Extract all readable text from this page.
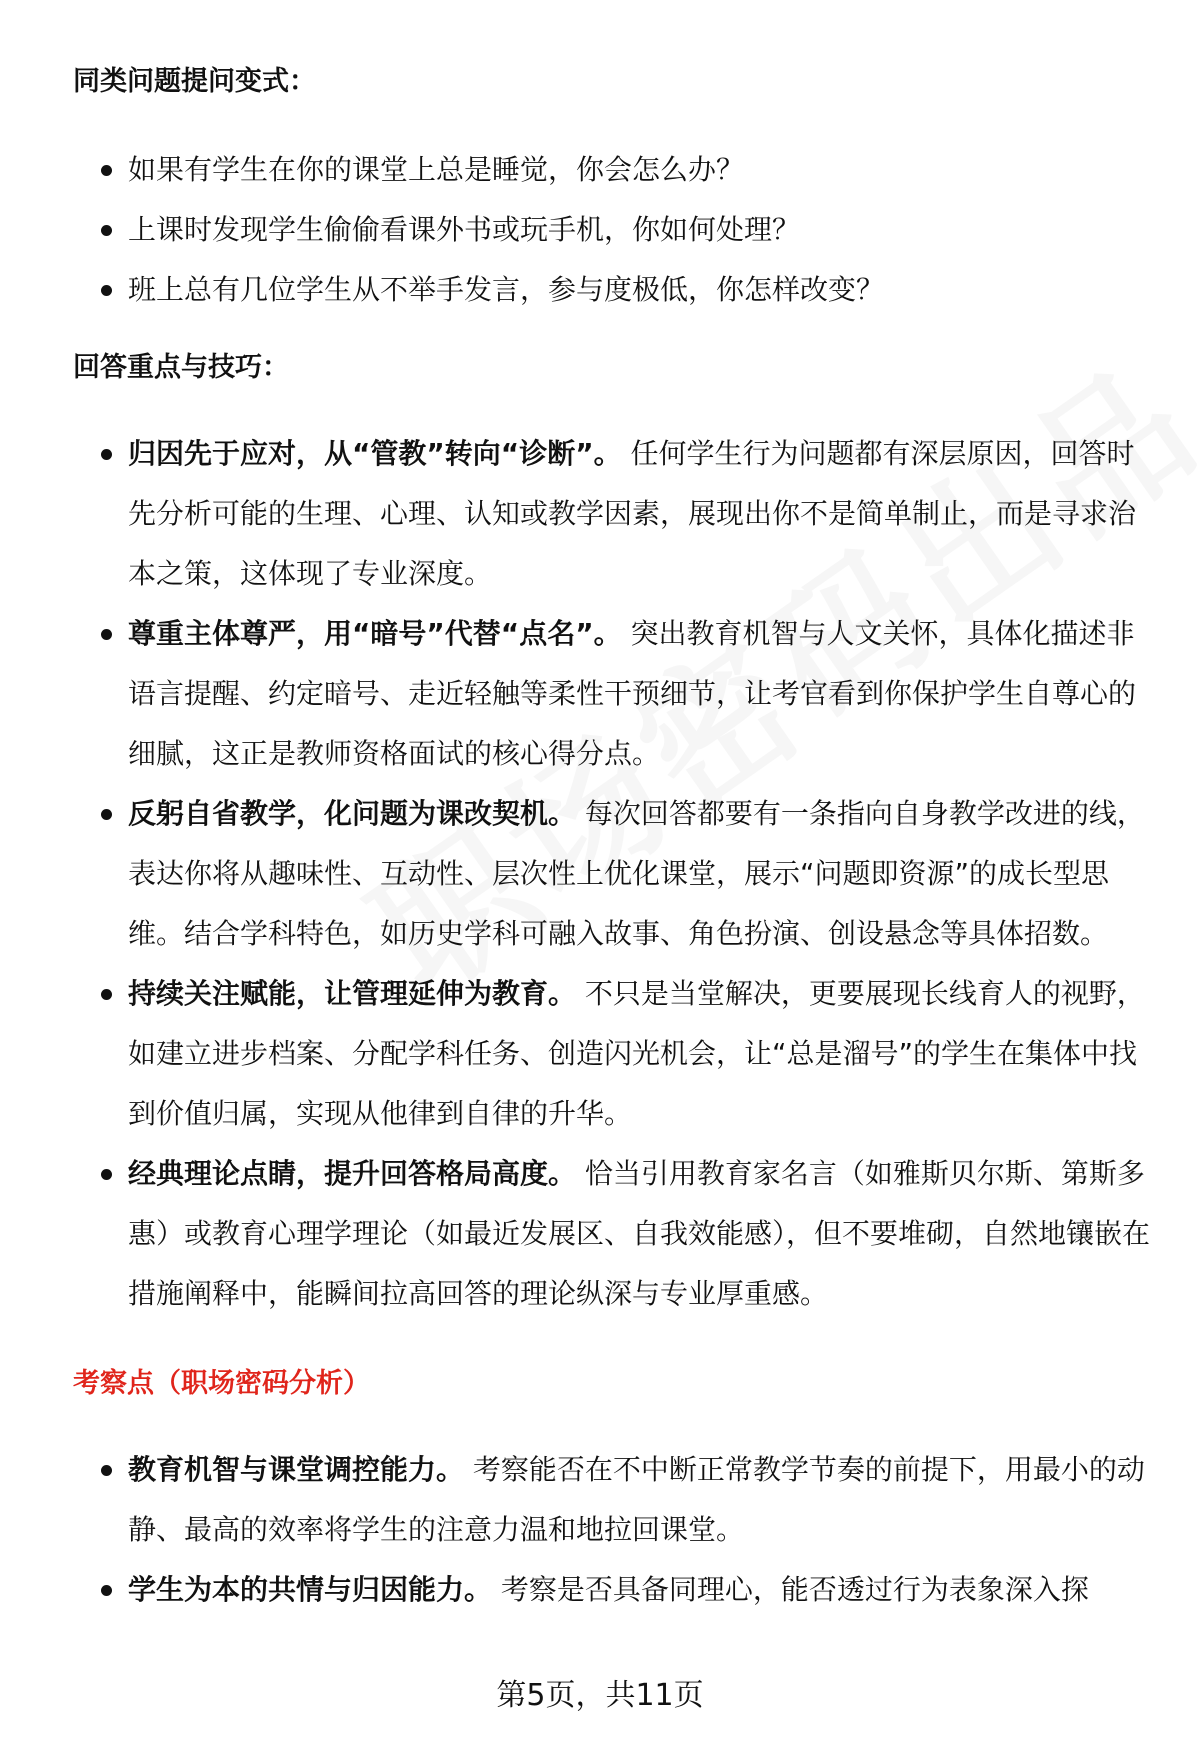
同类问题提问变式：
如果有学生在你的课堂上总是睡觉，你会怎么办？
上课时发现学生偷偷看课外书或玩手机，你如何处理？
班上总有几位学生从不举手发言，参与度极低，你怎样改变？
回答重点与技巧：
归因先于应对，从“管教”转向“诊断”。 任何学生行为问题都有深层原因，回答时先分析可能的生理、心理、认知或教学因素，展现出你不是简单制止，而是寻求治本之策，这体现了专业深度。
尊重主体尊严，用“暗号”代替“点名”。 突出教育机智与人文关怀，具体化描述非语言提醒、约定暗号、走近轻触等柔性干预细节，让考官看到你保护学生自尊心的细腻，这正是教师资格面试的核心得分点。
反躬自省教学，化问题为课改契机。 每次回答都要有一条指向自身教学改进的线，表达你将从趣味性、互动性、层次性上优化课堂，展示“问题即资源”的成长型思维。结合学科特色，如历史学科可融入故事、角色扮演、创设悬念等具体招数。
持续关注赋能，让管理延伸为教育。 不只是当堂解决，更要展现长线育人的视野，如建立进步档案、分配学科任务、创造闪光机会，让“总是溜号”的学生在集体中找到价值归属，实现从他律到自律的升华。
经典理论点睛，提升回答格局高度。 恰当引用教育家名言（如雅斯贝尔斯、第斯多惠）或教育心理学理论（如最近发展区、自我效能感），但不要堆砌，自然地镶嵌在措施阐释中，能瞬间拉高回答的理论纵深与专业厚重感。
考察点（职场密码分析）
教育机智与课堂调控能力。 考察能否在不中断正常教学节奏的前提下，用最小的动静、最高的效率将学生的注意力温和地拉回课堂。
学生为本的共情与归因能力。 考察是否具备同理心，能否透过行为表象深入探
第5页，共11页
